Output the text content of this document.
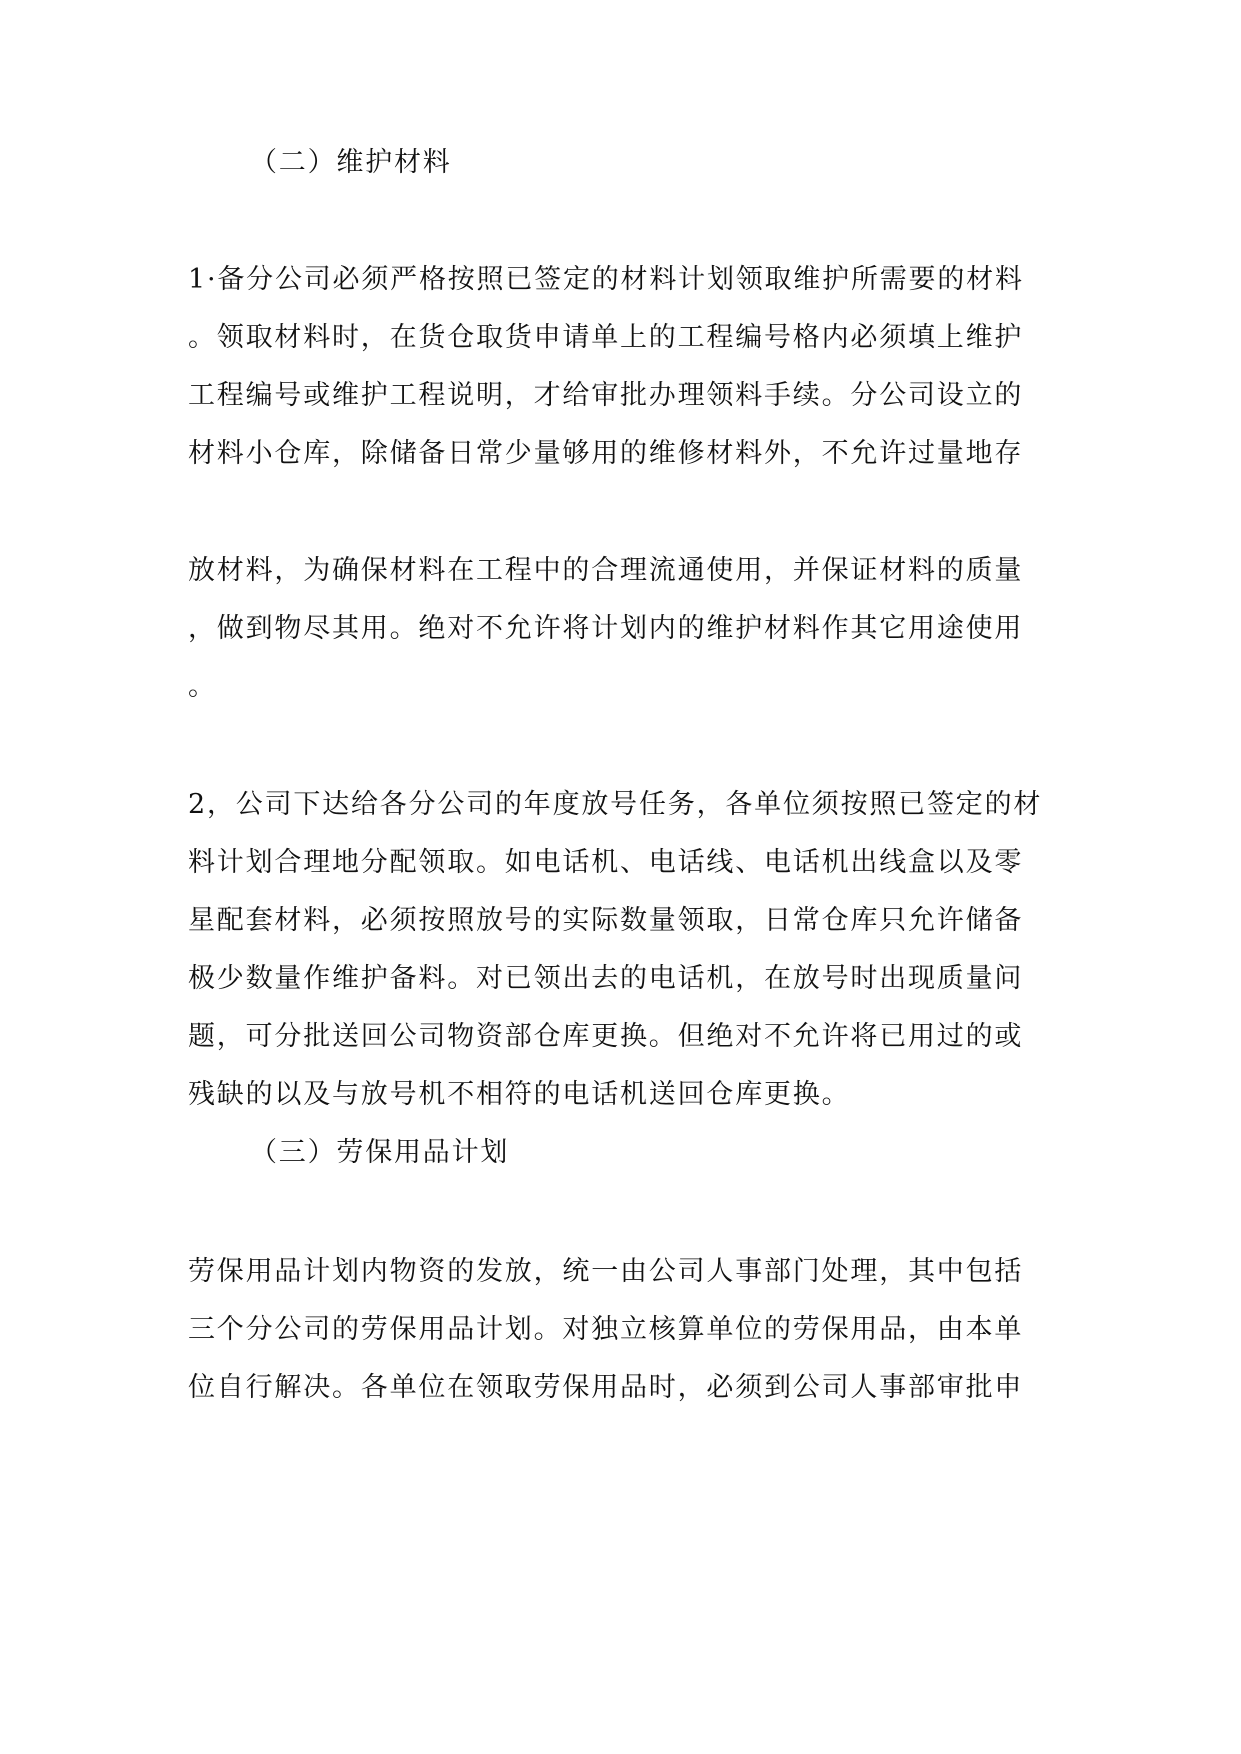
（二）维护材料
1·备分公司必须严格按照已签定的材料计划领取维护所需要的材料
。领取材料时，在货仓取货申请单上的工程编号格内必须填上维护
工程编号或维护工程说明，才给审批办理领料手续。分公司设立的
材料小仓库，除储备日常少量够用的维修材料外，不允许过量地存
放材料，为确保材料在工程中的合理流通使用，并保证材料的质量
，做到物尽其用。绝对不允许将计划内的维护材料作其它用途使用
。
2，公司下达给各分公司的年度放号任务，各单位须按照已签定的材
料计划合理地分配领取。如电话机、电话线、电话机出线盒以及零
星配套材料，必须按照放号的实际数量领取，日常仓库只允许储备
极少数量作维护备料。对已领出去的电话机，在放号时出现质量问
题，可分批送回公司物资部仓库更换。但绝对不允许将已用过的或
残缺的以及与放号机不相符的电话机送回仓库更换。
（三）劳保用品计划
劳保用品计划内物资的发放，统一由公司人事部门处理，其中包括
三个分公司的劳保用品计划。对独立核算单位的劳保用品，由本单
位自行解决。各单位在领取劳保用品时，必须到公司人事部审批申
